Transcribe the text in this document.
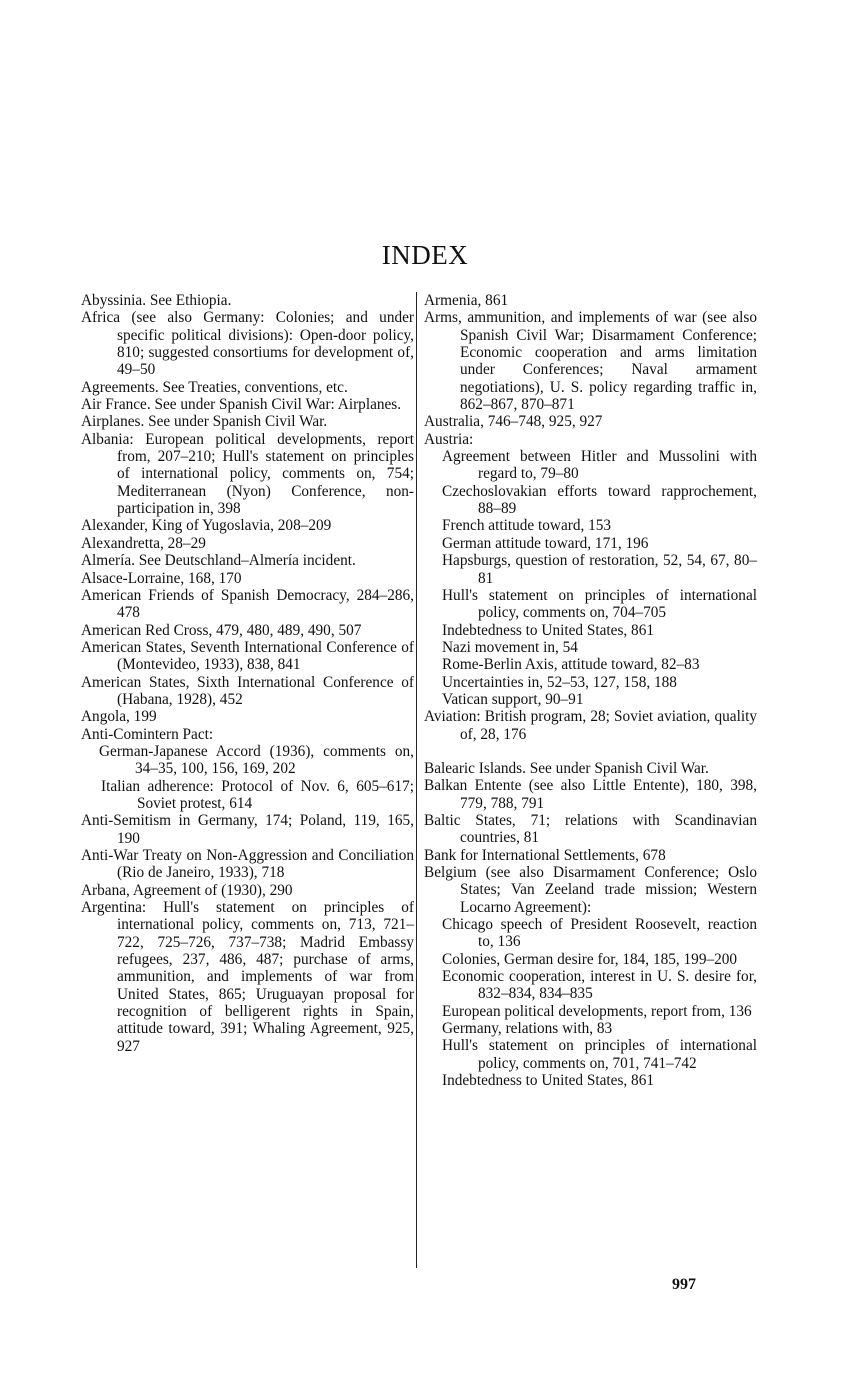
INDEX

Abyssinia. See Ethiopia.

Africa (see also Germany: Colonies; and under specific political divisions): Open-door policy, 810; suggested consortiums for development of, 49–50

Agreements. See Treaties, conventions, etc.

Air France. See under Spanish Civil War: Airplanes.

Airplanes. See under Spanish Civil War.

Albania: European political developments, report from, 207–210; Hull's statement on principles of international policy, comments on, 754; Mediterranean (Nyon) Conference, non-participation in, 398

Alexander, King of Yugoslavia, 208–209

Alexandretta, 28–29

Almería. See Deutschland–Almería incident.

Alsace-Lorraine, 168, 170

American Friends of Spanish Democracy, 284–286, 478

American Red Cross, 479, 480, 489, 490, 507

American States, Seventh International Conference of (Montevideo, 1933), 838, 841

American States, Sixth International Conference of (Habana, 1928), 452

Angola, 199

Anti-Comintern Pact:

German-Japanese Accord (1936), comments on, 34–35, 100, 156, 169, 202

Italian adherence: Protocol of Nov. 6, 605–617; Soviet protest, 614

Anti-Semitism in Germany, 174; Poland, 119, 165, 190

Anti-War Treaty on Non-Aggression and Conciliation (Rio de Janeiro, 1933), 718

Arbana, Agreement of (1930), 290

Argentina: Hull's statement on principles of international policy, comments on, 713, 721–722, 725–726, 737–738; Madrid Embassy refugees, 237, 486, 487; purchase of arms, ammunition, and implements of war from United States, 865; Uruguayan proposal for recognition of belligerent rights in Spain, attitude toward, 391; Whaling Agreement, 925, 927

Armenia, 861

Arms, ammunition, and implements of war (see also Spanish Civil War; Disarmament Conference; Economic cooperation and arms limitation under Conferences; Naval armament negotiations), U. S. policy regarding traffic in, 862–867, 870–871

Australia, 746–748, 925, 927

Austria:

Agreement between Hitler and Mussolini with regard to, 79–80

Czechoslovakian efforts toward rapprochement, 88–89

French attitude toward, 153

German attitude toward, 171, 196

Hapsburgs, question of restoration, 52, 54, 67, 80–81

Hull's statement on principles of international policy, comments on, 704–705

Indebtedness to United States, 861

Nazi movement in, 54

Rome-Berlin Axis, attitude toward, 82–83

Uncertainties in, 52–53, 127, 158, 188

Vatican support, 90–91

Aviation: British program, 28; Soviet aviation, quality of, 28, 176

Balearic Islands. See under Spanish Civil War.

Balkan Entente (see also Little Entente), 180, 398, 779, 788, 791

Baltic States, 71; relations with Scandinavian countries, 81

Bank for International Settlements, 678

Belgium (see also Disarmament Conference; Oslo States; Van Zeeland trade mission; Western Locarno Agreement):

Chicago speech of President Roosevelt, reaction to, 136

Colonies, German desire for, 184, 185, 199–200

Economic cooperation, interest in U. S. desire for, 832–834, 834–835

European political developments, report from, 136

Germany, relations with, 83

Hull's statement on principles of international policy, comments on, 701, 741–742

Indebtedness to United States, 861

997
